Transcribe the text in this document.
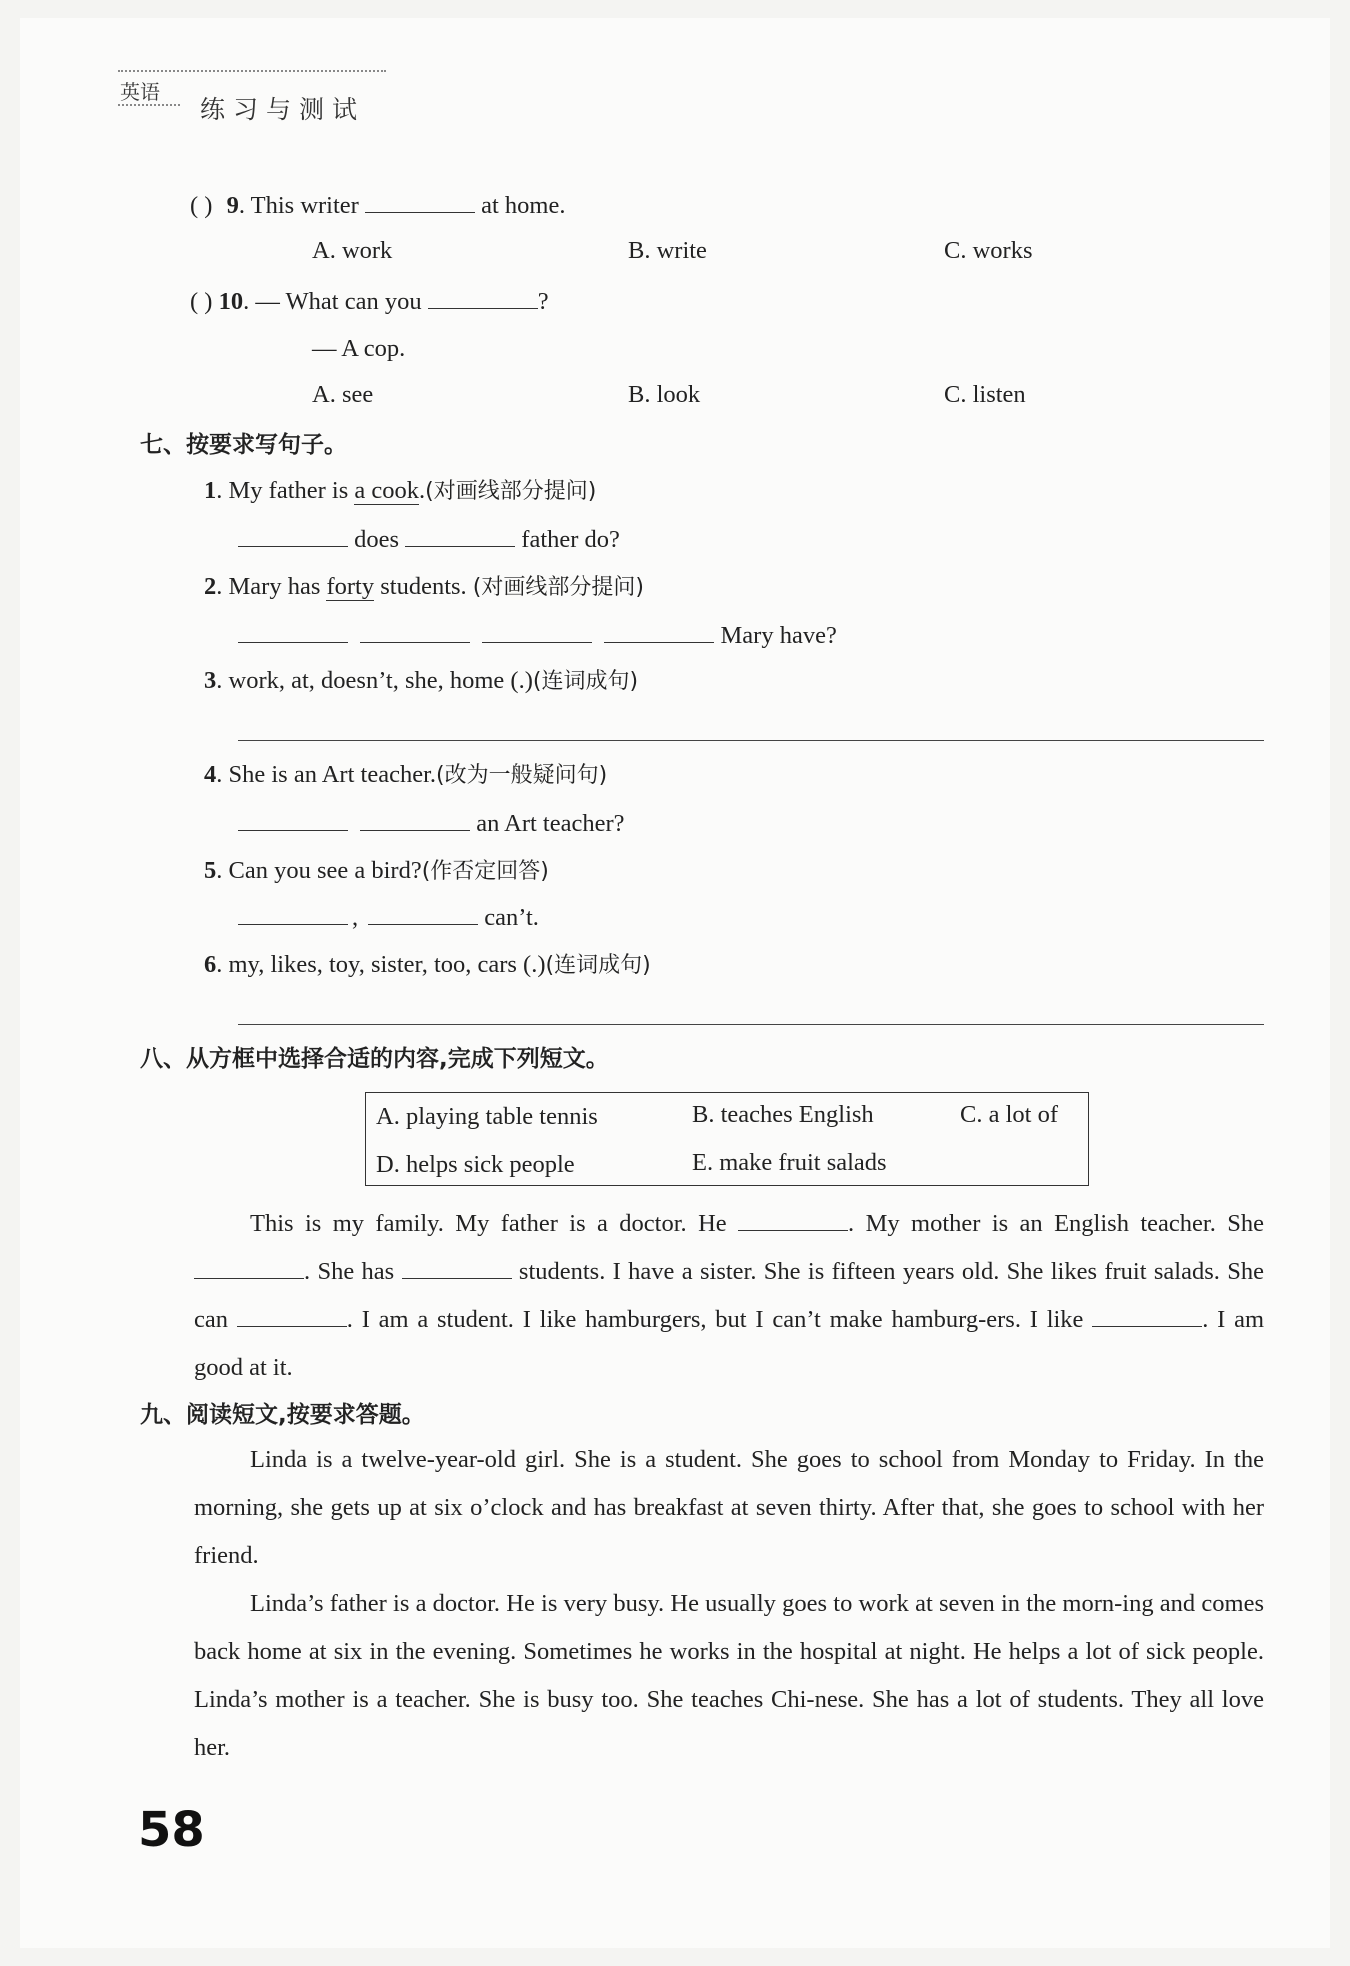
英语
练习与测试
( ) 9. This writer	at home.
A. work	B. write	C. works
( ) 10. — What can you	?
— A cop.
A. see	B. look	C. listen
七、按要求写句子。
1. My father is a cook.(对画线部分提问)
does	father do?
2. Mary has forty students. (对画线部分提问)
Mary have?
3. work, at, doesn’t, she, home (.)(连词成句)
4. She is an Art teacher.(改为一般疑问句)
an Art teacher?
5. Can you see a bird?(作否定回答)
,	can’t.
6. my, likes, toy, sister, too, cars (.)(连词成句)
八、从方框中选择合适的内容,完成下列短文。
A. playing table tennis	B. teaches English	C. a lot of
D. helps sick people	E. make fruit salads
This is my family. My father is a doctor. He	. My mother is an English teacher. She . She has	students. I have a sister. She is fifteen years old. She likes fruit salads. She can	. I am a student. I like hamburgers, but I can’t make hamburg-ers. I like	. I am good at it.
九、阅读短文,按要求答题。
Linda is a twelve-year-old girl. She is a student. She goes to school from Monday to Friday. In the morning, she gets up at six o’clock and has breakfast at seven thirty. After that, she goes to school with her friend.
Linda’s father is a doctor. He is very busy. He usually goes to work at seven in the morn-ing and comes back home at six in the evening. Sometimes he works in the hospital at night. He helps a lot of sick people. Linda’s mother is a teacher. She is busy too. She teaches Chi-nese. She has a lot of students. They all love her.
58
